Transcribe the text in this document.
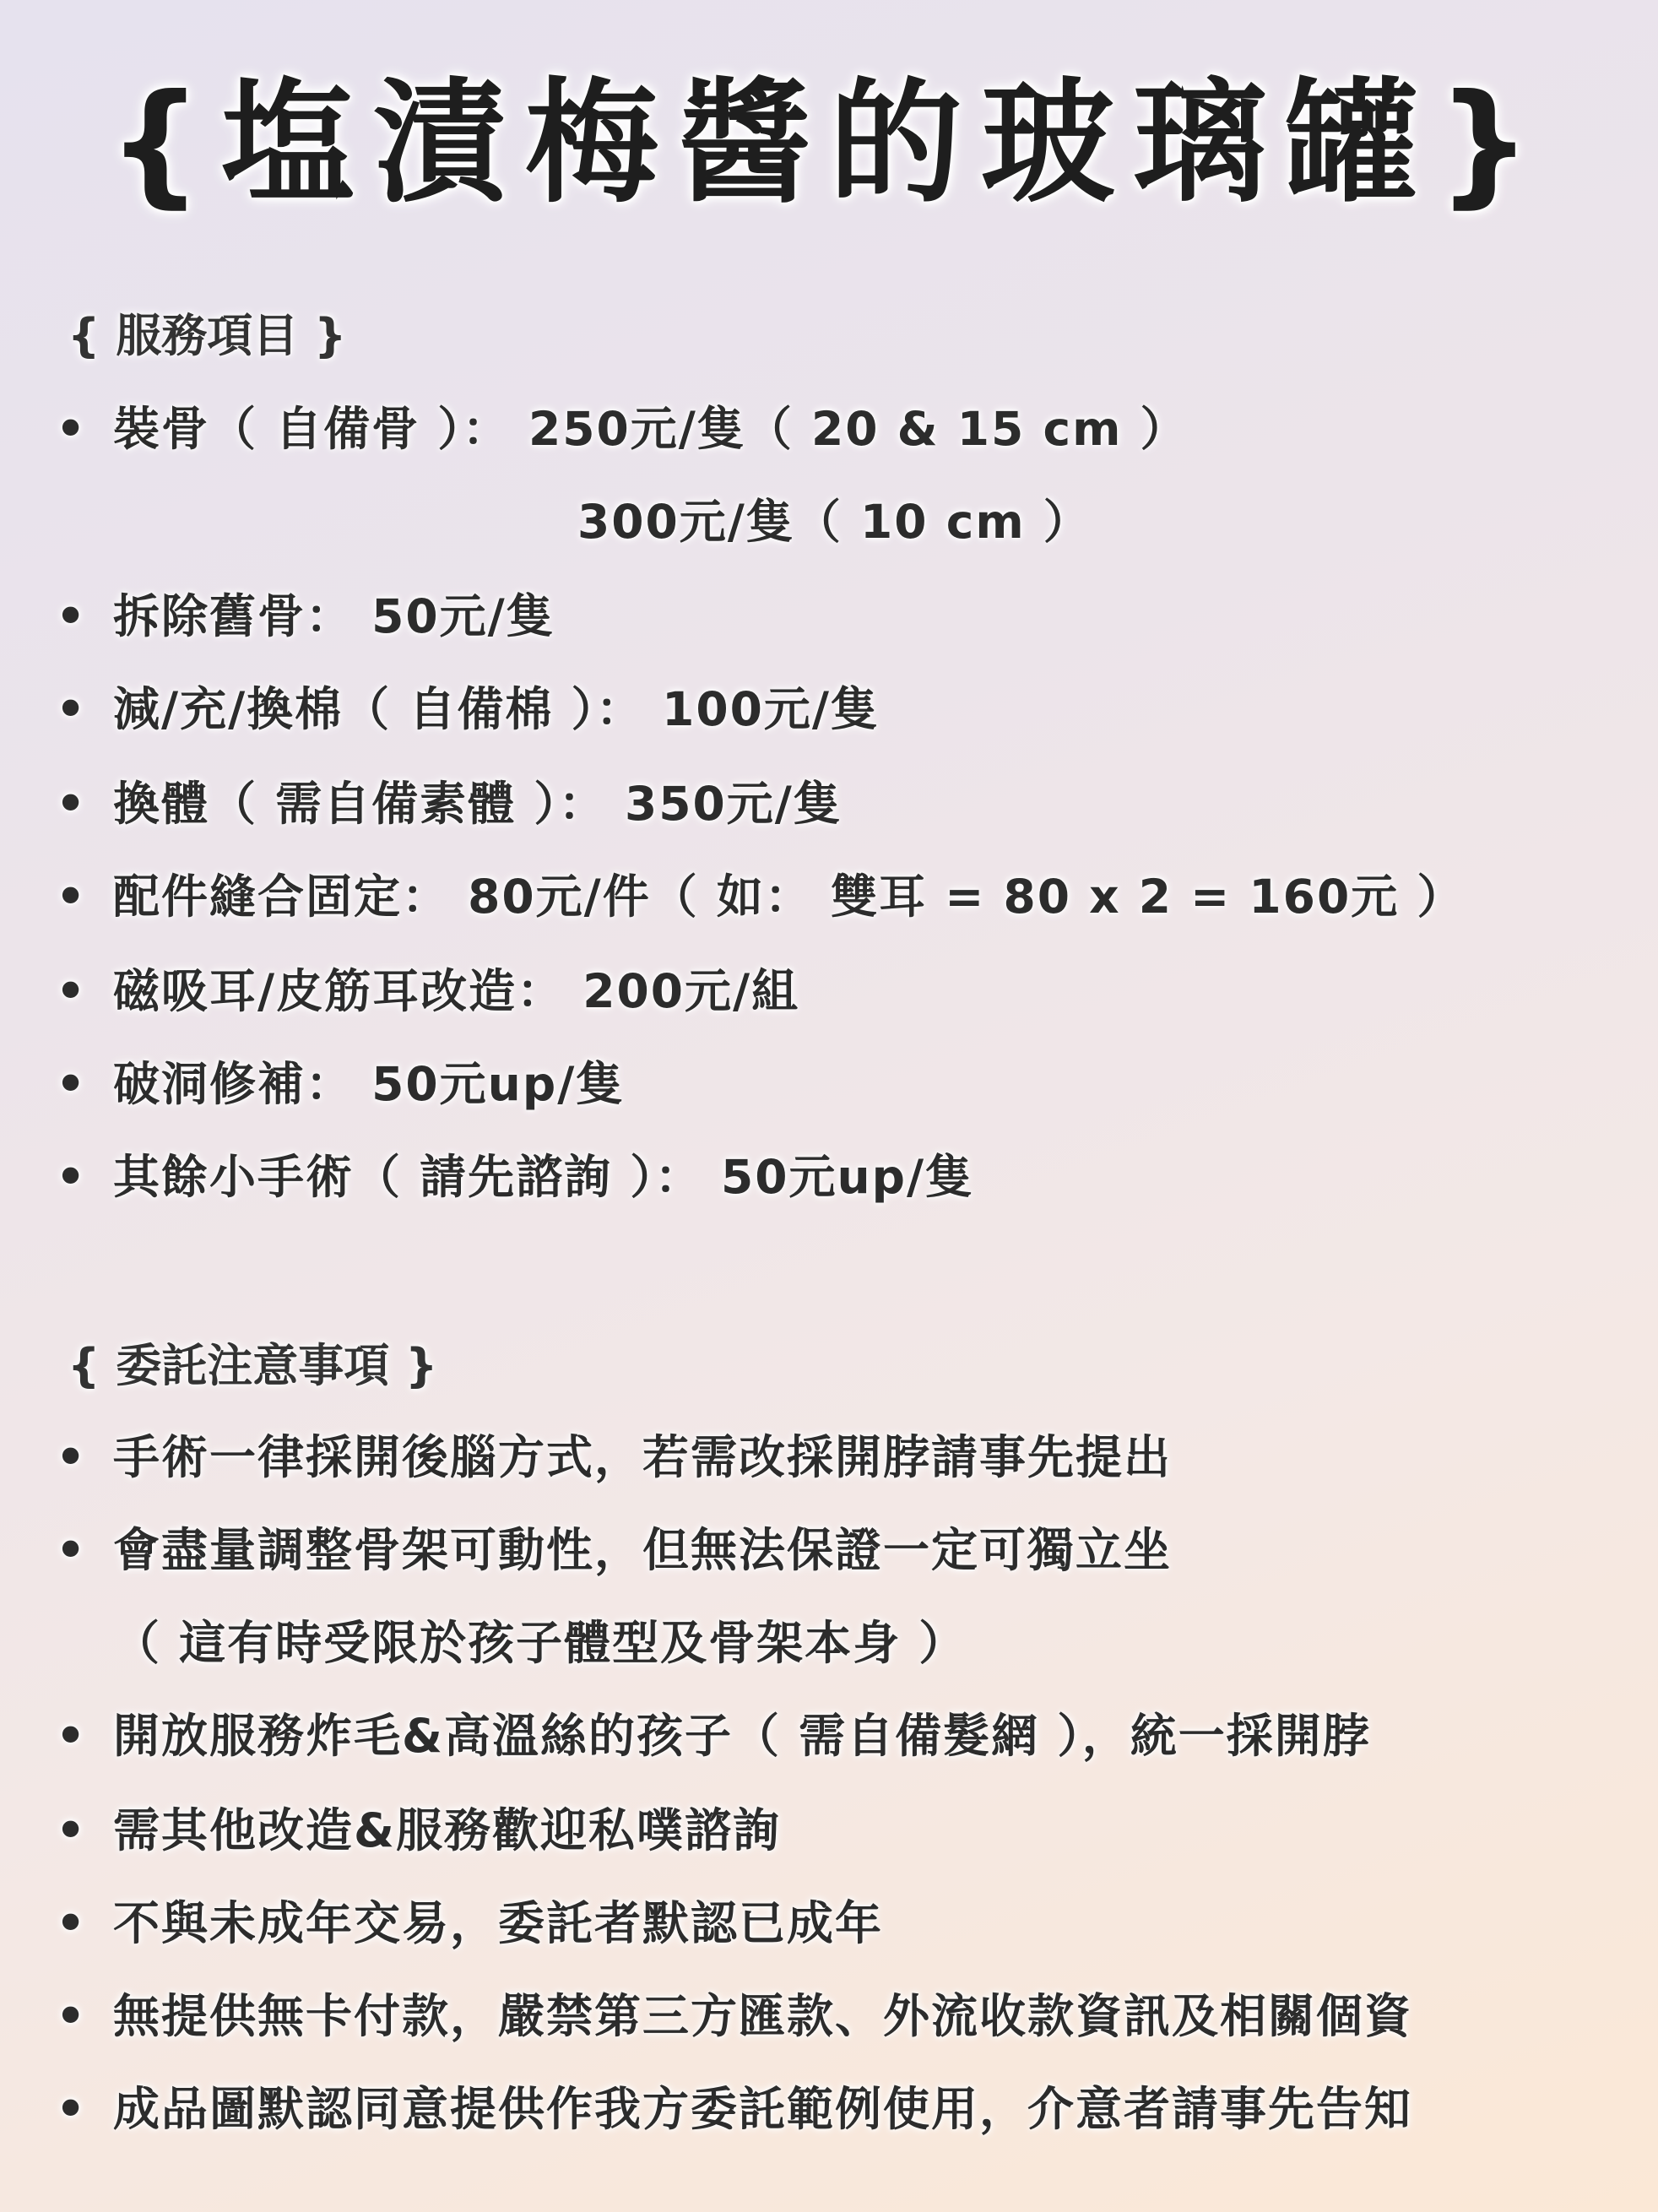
{塩漬梅醬的玻璃罐}
{ 服務項目 }
• 裝骨（ 自備骨 ）： 250元/隻（ 20 & 15 cm ）
300元/隻（ 10 cm ）
• 拆除舊骨： 50元/隻
• 減/充/換棉（ 自備棉 ）： 100元/隻
• 換體（ 需自備素體 ）： 350元/隻
• 配件縫合固定： 80元/件（ 如： 雙耳 = 80 x 2 = 160元 ）
• 磁吸耳/皮筋耳改造： 200元/組
• 破洞修補： 50元up/隻
• 其餘小手術（ 請先諮詢 ）： 50元up/隻
{ 委託注意事項 }
• 手術一律採開後腦方式，若需改採開脖請事先提出
• 會盡量調整骨架可動性，但無法保證一定可獨立坐
（ 這有時受限於孩子體型及骨架本身 ）
• 開放服務炸毛&高溫絲的孩子（ 需自備髮網 ），統一採開脖
• 需其他改造&服務歡迎私噗諮詢
• 不與未成年交易，委託者默認已成年
• 無提供無卡付款，嚴禁第三方匯款、外流收款資訊及相關個資
• 成品圖默認同意提供作我方委託範例使用，介意者請事先告知
